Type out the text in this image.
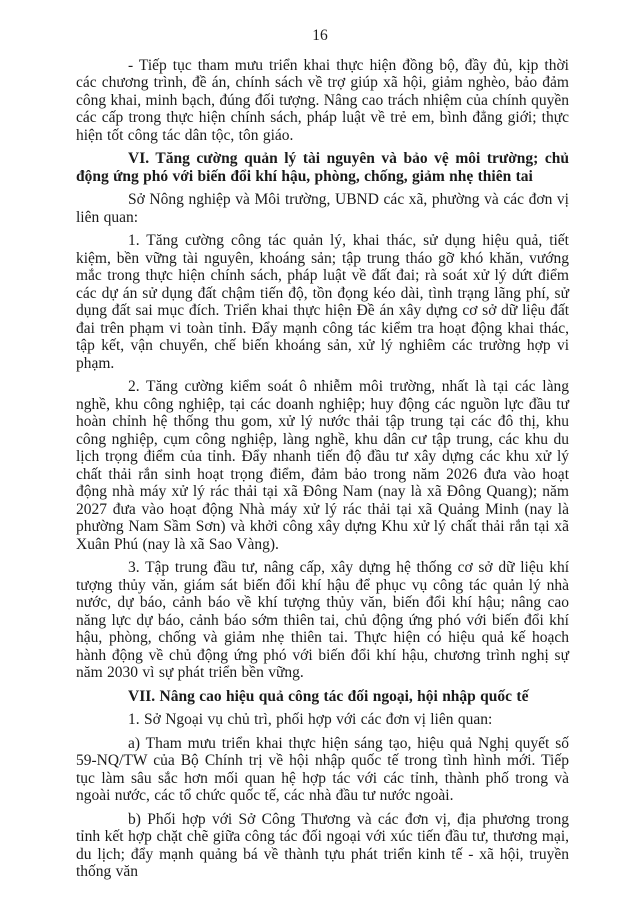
16

- Tiếp tục tham mưu triển khai thực hiện đồng bộ, đầy đủ, kịp thời các chương trình, đề án, chính sách về trợ giúp xã hội, giảm nghèo, bảo đảm công khai, minh bạch, đúng đối tượng. Nâng cao trách nhiệm của chính quyền các cấp trong thực hiện chính sách, pháp luật về trẻ em, bình đẳng giới; thực hiện tốt công tác dân tộc, tôn giáo.

VI. Tăng cường quản lý tài nguyên và bảo vệ môi trường; chủ động ứng phó với biến đổi khí hậu, phòng, chống, giảm nhẹ thiên tai

Sở Nông nghiệp và Môi trường, UBND các xã, phường và các đơn vị liên quan:

1. Tăng cường công tác quản lý, khai thác, sử dụng hiệu quả, tiết kiệm, bền vững tài nguyên, khoáng sản; tập trung tháo gỡ khó khăn, vướng mắc trong thực hiện chính sách, pháp luật về đất đai; rà soát xử lý dứt điểm các dự án sử dụng đất chậm tiến độ, tồn đọng kéo dài, tình trạng lãng phí, sử dụng đất sai mục đích. Triển khai thực hiện Đề án xây dựng cơ sở dữ liệu đất đai trên phạm vi toàn tỉnh. Đẩy mạnh công tác kiểm tra hoạt động khai thác, tập kết, vận chuyển, chế biến khoáng sản, xử lý nghiêm các trường hợp vi phạm.

2. Tăng cường kiểm soát ô nhiễm môi trường, nhất là tại các làng nghề, khu công nghiệp, tại các doanh nghiệp; huy động các nguồn lực đầu tư hoàn chỉnh hệ thống thu gom, xử lý nước thải tập trung tại các đô thị, khu công nghiệp, cụm công nghiệp, làng nghề, khu dân cư tập trung, các khu du lịch trọng điểm của tỉnh. Đẩy nhanh tiến độ đầu tư xây dựng các khu xử lý chất thải rắn sinh hoạt trọng điểm, đảm bảo trong năm 2026 đưa vào hoạt động nhà máy xử lý rác thải tại xã Đông Nam (nay là xã Đông Quang); năm 2027 đưa vào hoạt động Nhà máy xử lý rác thải tại xã Quảng Minh (nay là phường Nam Sầm Sơn) và khởi công xây dựng Khu xử lý chất thải rắn tại xã Xuân Phú (nay là xã Sao Vàng).

3. Tập trung đầu tư, nâng cấp, xây dựng hệ thống cơ sở dữ liệu khí tượng thủy văn, giám sát biến đổi khí hậu để phục vụ công tác quản lý nhà nước, dự báo, cảnh báo về khí tượng thủy văn, biến đổi khí hậu; nâng cao năng lực dự báo, cảnh báo sớm thiên tai, chủ động ứng phó với biến đổi khí hậu, phòng, chống và giảm nhẹ thiên tai. Thực hiện có hiệu quả kế hoạch hành động về chủ động ứng phó với biến đổi khí hậu, chương trình nghị sự năm 2030 vì sự phát triển bền vững.

VII. Nâng cao hiệu quả công tác đối ngoại, hội nhập quốc tế

1. Sở Ngoại vụ chủ trì, phối hợp với các đơn vị liên quan:

a) Tham mưu triển khai thực hiện sáng tạo, hiệu quả Nghị quyết số 59-NQ/TW của Bộ Chính trị về hội nhập quốc tế trong tình hình mới. Tiếp tục làm sâu sắc hơn mối quan hệ hợp tác với các tỉnh, thành phố trong và ngoài nước, các tổ chức quốc tế, các nhà đầu tư nước ngoài.

b) Phối hợp với Sở Công Thương và các đơn vị, địa phương trong tỉnh kết hợp chặt chẽ giữa công tác đối ngoại với xúc tiến đầu tư, thương mại, du lịch; đẩy mạnh quảng bá về thành tựu phát triển kinh tế - xã hội, truyền thống văn
